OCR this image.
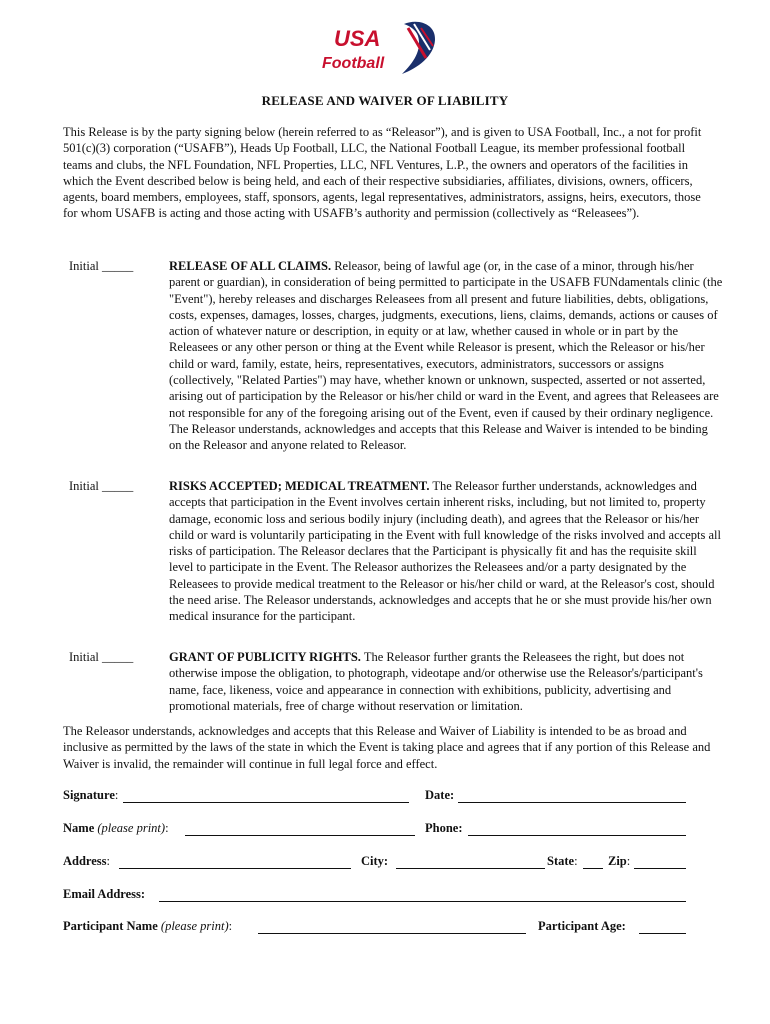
USA
Football
RELEASE AND WAIVER OF LIABILITY
This Release is by the party signing below (herein referred to as “Releasor”), and is given to USA Football, Inc., a not for profit 501(c)(3) corporation (“USAFB”), Heads Up Football, LLC, the National Football League, its member professional football teams and clubs, the NFL Foundation, NFL Properties, LLC, NFL Ventures, L.P., the owners and operators of the facilities in which the Event described below is being held, and each of their respective subsidiaries, affiliates, divisions, owners, officers, agents, board members, employees, staff, sponsors, agents, legal representatives, administrators, assigns, heirs, executors, those for whom USAFB is acting and those acting with USAFB’s authority and permission (collectively as “Releasees”).
Initial _____	RELEASE OF ALL CLAIMS. Releasor, being of lawful age (or, in the case of a minor, through his/her parent or guardian), in consideration of being permitted to participate in the USAFB FUNdamentals clinic (the "Event"), hereby releases and discharges Releasees from all present and future liabilities, debts, obligations, costs, expenses, damages, losses, charges, judgments, executions, liens, claims, demands, actions or causes of action of whatever nature or description, in equity or at law, whether caused in whole or in part by the Releasees or any other person or thing at the Event while Releasor is present, which the Releasor or his/her child or ward, family, estate, heirs, representatives, executors, administrators, successors or assigns (collectively, "Related Parties") may have, whether known or unknown, suspected, asserted or not asserted, arising out of participation by the Releasor or his/her child or ward in the Event, and agrees that Releasees are not responsible for any of the foregoing arising out of the Event, even if caused by their ordinary negligence. The Releasor understands, acknowledges and accepts that this Release and Waiver is intended to be binding on the Releasor and anyone related to Releasor.
Initial _____	RISKS ACCEPTED; MEDICAL TREATMENT. The Releasor further understands, acknowledges and accepts that participation in the Event involves certain inherent risks, including, but not limited to, property damage, economic loss and serious bodily injury (including death), and agrees that the Releasor or his/her child or ward is voluntarily participating in the Event with full knowledge of the risks involved and accepts all risks of participation. The Releasor declares that the Participant is physically fit and has the requisite skill level to participate in the Event. The Releasor authorizes the Releasees and/or a party designated by the Releasees to provide medical treatment to the Releasor or his/her child or ward, at the Releasor's cost, should the need arise. The Releasor understands, acknowledges and accepts that he or she must provide his/her own medical insurance for the participant.
Initial _____	GRANT OF PUBLICITY RIGHTS. The Releasor further grants the Releasees the right, but does not otherwise impose the obligation, to photograph, videotape and/or otherwise use the Releasor's/participant's name, face, likeness, voice and appearance in connection with exhibitions, publicity, advertising and promotional materials, free of charge without reservation or limitation.
The Releasor understands, acknowledges and accepts that this Release and Waiver of Liability is intended to be as broad and inclusive as permitted by the laws of the state in which the Event is taking place and agrees that if any portion of this Release and Waiver is invalid, the remainder will continue in full legal force and effect.
Signature:	Date:
Name (please print):	Phone:
Address:	City:	State: Zip:
Email Address:
Participant Name (please print):	Participant Age:
